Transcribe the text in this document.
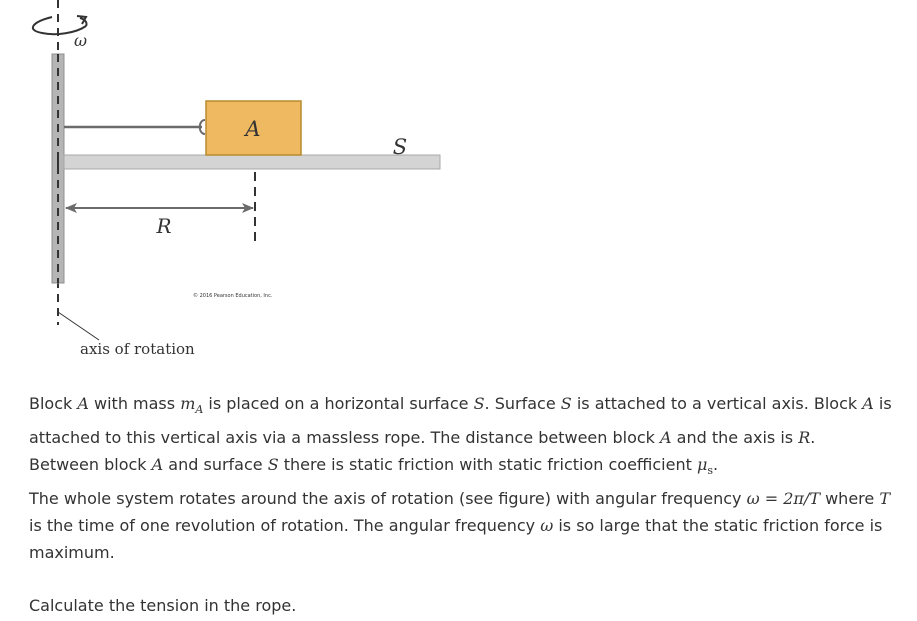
ω
A
S
R
© 2016 Pearson Education, Inc.
axis of rotation

Block A with mass $m_A$ is placed on a horizontal surface S. Surface S is attached to a vertical axis. Block A is attached to this vertical axis via a massless rope. The distance between block A and the axis is R.

Between block A and surface S there is static friction with static friction coefficient $\mu_s$.

The whole system rotates around the axis of rotation (see figure) with angular frequency ω = 2π/T where T is the time of one revolution of rotation. The angular frequency ω is so large that the static friction force is maximum.

Calculate the tension in the rope.
